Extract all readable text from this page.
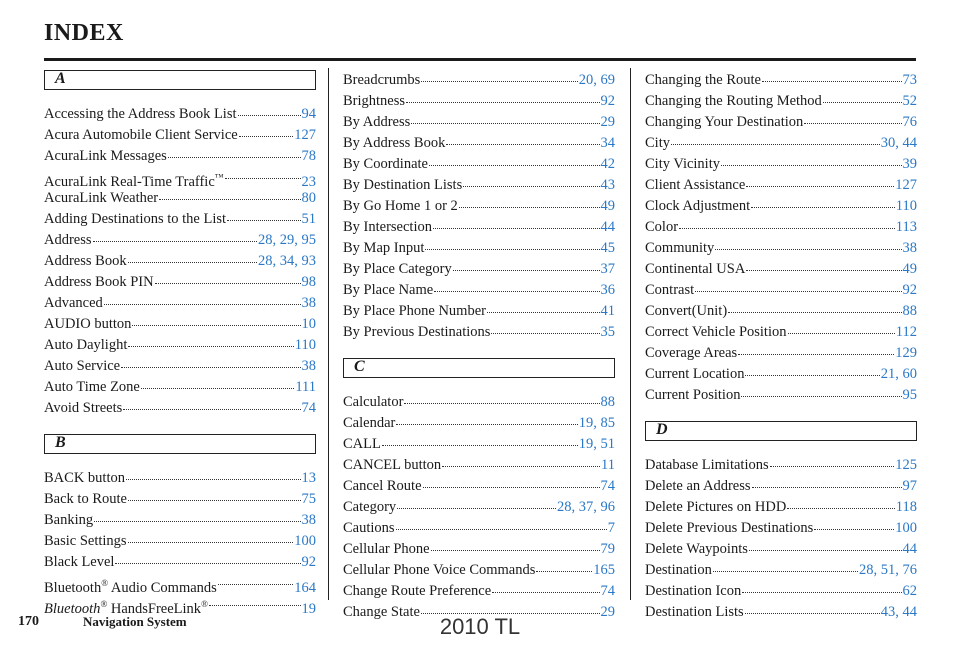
INDEX
A
Accessing the Address Book List	94
Acura Automobile Client Service	127
AcuraLink Messages	78
AcuraLink Real-Time Traffic™	23
AcuraLink Weather	80
Adding Destinations to the List	51
Address	28, 29, 95
Address Book	28, 34, 93
Address Book PIN	98
Advanced	38
AUDIO button	10
Auto Daylight	110
Auto Service	38
Auto Time Zone	111
Avoid Streets	74
B
BACK button	13
Back to Route	75
Banking	38
Basic Settings	100
Black Level	92
Bluetooth® Audio Commands	164
Bluetooth® HandsFreeLink®	19
Breadcrumbs	20, 69
Brightness	92
By Address	29
By Address Book	34
By Coordinate	42
By Destination Lists	43
By Go Home 1 or 2	49
By Intersection	44
By Map Input	45
By Place Category	37
By Place Name	36
By Place Phone Number	41
By Previous Destinations	35
C
Calculator	88
Calendar	19, 85
CALL	19, 51
CANCEL button	11
Cancel Route	74
Category	28, 37, 96
Cautions	7
Cellular Phone	79
Cellular Phone Voice Commands	165
Change Route Preference	74
Change State	29
Changing the Route	73
Changing the Routing Method	52
Changing Your Destination	76
City	30, 44
City Vicinity	39
Client Assistance	127
Clock Adjustment	110
Color	113
Community	38
Continental USA	49
Contrast	92
Convert(Unit)	88
Correct Vehicle Position	112
Coverage Areas	129
Current Location	21, 60
Current Position	95
D
Database Limitations	125
Delete an Address	97
Delete Pictures on HDD	118
Delete Previous Destinations	100
Delete Waypoints	44
Destination	28, 51, 76
Destination Icon	62
Destination Lists	43, 44
170	Navigation System	2010 TL
